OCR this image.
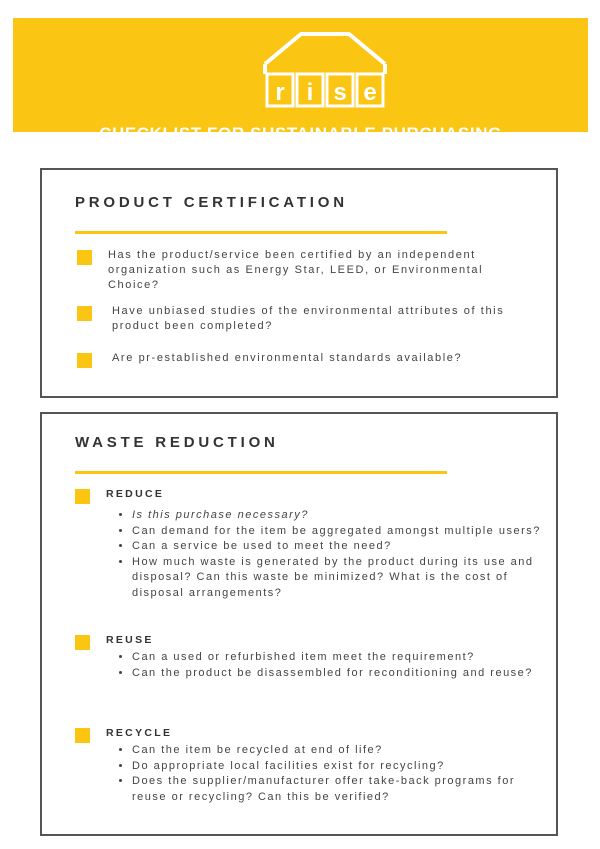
r i s e
CHECKLIST FOR SUSTAINABLE PURCHASING
PRODUCT CERTIFICATION
Has the product/service been certified by an independent organization such as Energy Star, LEED, or Environmental Choice?
Have unbiased studies of the environmental attributes of this product been completed?
Are pr-established environmental standards available?
WASTE REDUCTION
REDUCE
• Is this purchase necessary?
• Can demand for the item be aggregated amongst multiple users?
• Can a service be used to meet the need?
• How much waste is generated by the product during its use and disposal? Can this waste be minimized? What is the cost of disposal arrangements?
REUSE
• Can a used or refurbished item meet the requirement?
• Can the product be disassembled for reconditioning and reuse?
RECYCLE
• Can the item be recycled at end of life?
• Do appropriate local facilities exist for recycling?
• Does the supplier/manufacturer offer take-back programs for reuse or recycling? Can this be verified?
